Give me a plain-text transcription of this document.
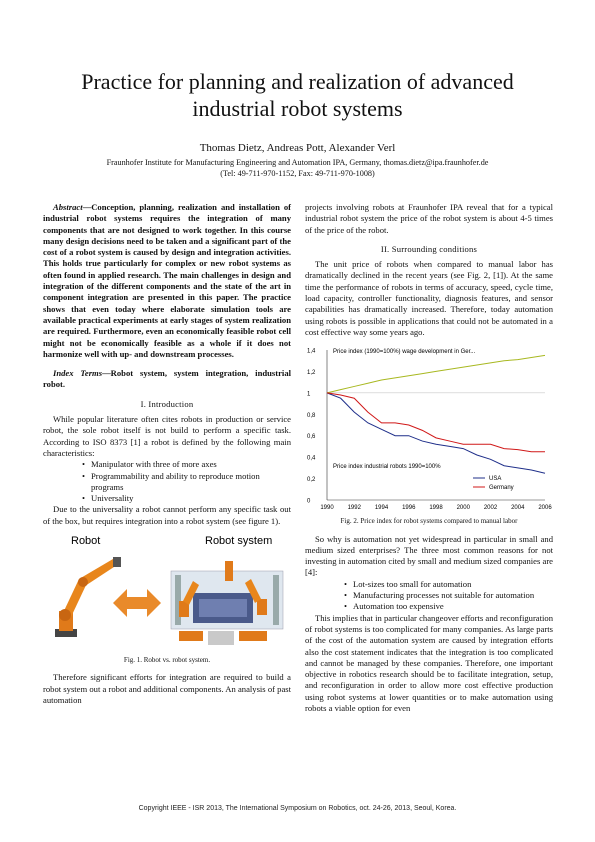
Practice for planning and realization of advanced
industrial robot systems
Thomas Dietz, Andreas Pott, Alexander Verl
Fraunhofer Institute for Manufacturing Engineering and Automation IPA, Germany, thomas.dietz@ipa.fraunhofer.de
(Tel: 49-711-970-1152, Fax: 49-711-970-1008)

Abstract—Conception, planning, realization and installation of industrial robot systems requires the integration of many components that are not designed to work together. In this course many design decisions need to be taken and a significant part of the cost of a robot system is caused by design and integration activities. This holds true particularly for complex or new robot systems as often found in applied research. The main challenges in design and integration of the different components and the state of the art in component integration are presented in this paper. The practice shows that even today where elaborate simulation tools are available practical experiments at early stages of system realization are required. Furthermore, even an economically feasible robot cell might not be economically feasible as a whole if it does not harmonize well with up- and downstream processes.

Index Terms—Robot system, system integration, industrial robot.

I. Introduction

While popular literature often cites robots in production or service robot, the sole robot itself is not build to perform a specific task. According to ISO 8373 [1] a robot is defined by the following main characteristics:

• Manipulator with three of more axes
• Programmability and ability to reproduce motion programs
• Universality

Due to the universality a robot cannot perform any specific task out of the box, but requires integration into a robot system (see figure 1).

Robot	Robot system
Fig. 1. Robot vs. robot system.

Therefore significant efforts for integration are required to build a robot system out a robot and additional components. An analysis of past automation

projects involving robots at Fraunhofer IPA reveal that for a typical industrial robot system the price of the robot system is about 4-5 times of the price of the robot.

II. Surrounding conditions

The unit price of robots when compared to manual labor has dramatically declined in the recent years (see Fig. 2, [1]). At the same time the performance of robots in terms of accuracy, speed, cycle time, load capacity, controller functionality, diagnosis features, and sensor capabilities has dramatically increased. Therefore, today automation using robots is possible in applications that could not be automated in a cost effective way some years ago.

0
0,2
0,4
0,6
0,8
1
1,2
1,4
1990 1992 1994 1996 1998 2000 2002 2004 2006
Price index (1990=100%) wage development in Ger...
Price index industrial robots 1990=100%
USA
Germany
Fig. 2. Price index for robot systems compared to manual labor

So why is automation not yet widespread in particular in small and medium sized enterprises? The three most common reasons for not investing in automation cited by small and medium sized companies are [4]:

• Lot-sizes too small for automation
• Manufacturing processes not suitable for automation
• Automation too expensive

This implies that in particular changeover efforts and reconfiguration of robot systems is too complicated for many companies. As large parts of the cost of the automation system are caused by integration efforts also the cost statement indicates that the integration is too complicated and cannot be managed by these companies. Therefore, one important objective in robotics research should be to facilitate integration, setup, and reconfiguration in order to allow more cost effective production using robot systems at lower quantities or to make automation using robots a viable option for even

Copyright IEEE - ISR 2013, The International Symposium on Robotics, oct. 24-26, 2013, Seoul, Korea.
